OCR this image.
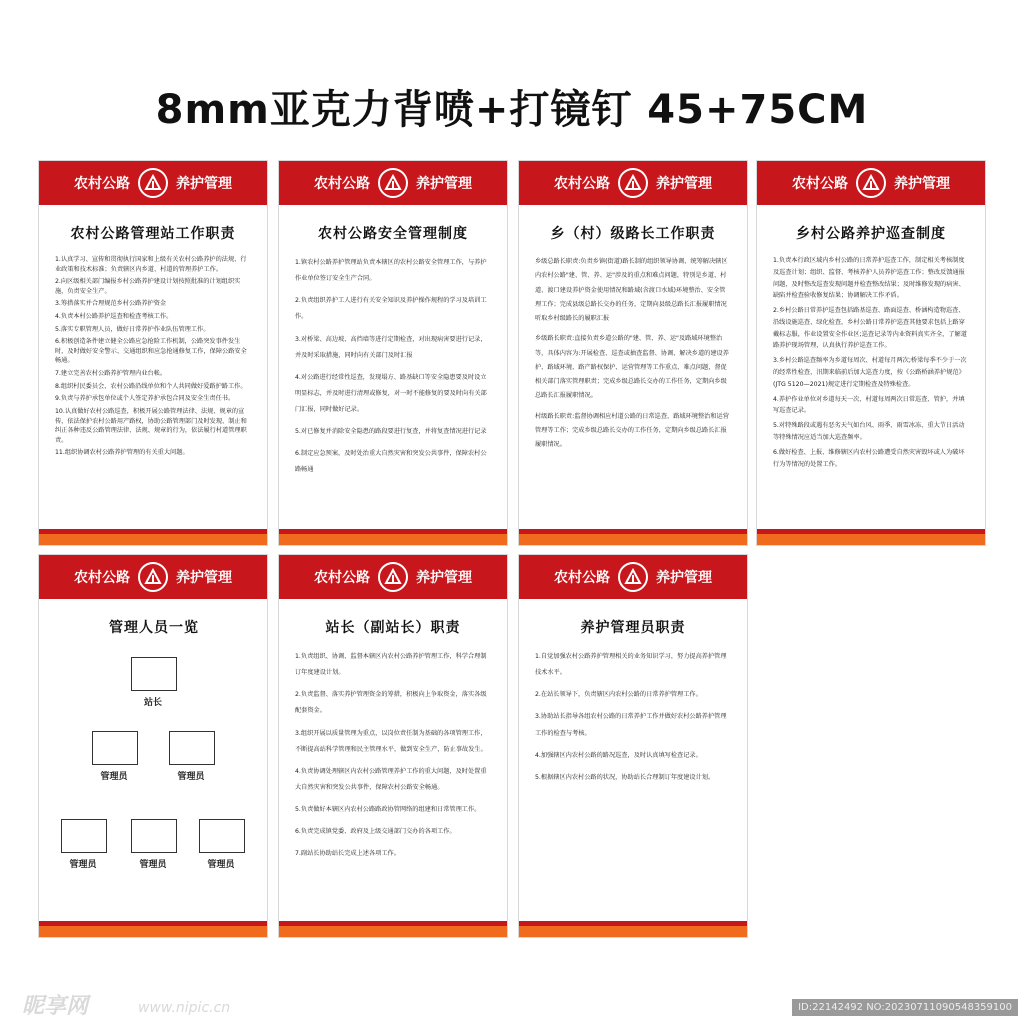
8mm亚克力背喷+打镜钉 45+75CM
农村公路	养护管理
农村公路管理站工作职责

1.认真学习、宣传和贯彻执行国家和上级有关农村公路养护的法规、行业政策和技术标准；负责辖区内乡道、村道的管理养护工作。

2.向区级相关部门编报乡村公路养护建设计划按照批准的计划组织实施，负责安全生产。

3.筹措落实并合理规范乡村公路养护资金

4.负责本村公路养护巡查和检查考核工作。

5.落实专职管理人员，做好日常养护作业队伍管理工作。

6.积极创造条件建立健全公路应急抢险工作机制，公路突发事件发生时，及时做好安全警示、交通组织和应急抢通修复工作，保障公路安全畅通。

7.建立完善农村公路养护管理内业台帐。

8.组织村民委员会、农村公路沿线单位和个人共同做好爱路护路工作。

9.负责与养护承包单位或个人签定养护承包合同及安全生责任书。

10.认真做好农村公路巡查，积极开展公路管理法律、法规、规章的宣传，依法保护农村公路用产路权，协助公路管理部门及时发现、制止和纠正各种违反公路管理法律、法规、规章的行为，依法履行村道管理职责。

11.组织协调农村公路养护管理的有关重大问题。

农村公路	养护管理
农村公路安全管理制度

1.镇农村公路养护管理站负责本辖区的农村公路安全管理工作，与养护作业单位签订安全生产合同。

2.负责组织养护工人进行有关安全知识及养护操作规程的学习及培训工作。

3.对桥梁、高边坡、高挡墙等进行定期检查，对出现病害要进行记录，并及时采取措施，同时向有关部门及时汇报

4.对公路进行经常性巡查，发现塌方、路基缺口等安全隐患要及时设立明显标志，并及时进行清理或修复，对一时不能修复的要及时向有关部门汇报，同时做好记录。

5.对已修复并消除安全隐患的路段要进行复查，并将复查情况进行记录

6.制定应急预案，及时处治重大自然灾害和突发公共事件，保障农村公路畅通

农村公路	养护管理
乡（村）级路长工作职责

乡级总路长职责:负责乡镇(街道)路长制的组织领导协调、统筹解决辖区内农村公路"建、管、养、运"涉及的重点和难点问题，特别是乡道、村道、渡口建设养护资金使用情况和路域(含渡口水域)环境整治、安全管理工作；完成县级总路长交办的任务，定期向县级总路长汇报履职情况听取乡村级路长的履职汇报

乡级路长职责:直接负责乡道公路的"建、管、养、运"及路域环境整治等，具体内容为:开展检查、巡查或抽查监督、协调、解决乡道的建设养护、路域环境、路产路权保护、运营管理等工作重点、难点问题，督促相关部门落实管理职责；完成乡级总路长交办的工作任务，定期向乡级总路长汇报履职情况。

村级路长职责:监督协调相应村道公路的日常巡查、路域环境整治和运营管理等工作；完成乡级总路长交办的工作任务，定期向乡级总路长汇报履职情况。

农村公路	养护管理
乡村公路养护巡查制度

1.负责本行政区域内乡村公路的日常养护巡查工作，制定相关考核制度及巡查计划；组织、监督、考核养护人员养护巡查工作；整改反馈通报问题，及时整改巡查发现问题并检查整改结果；及时维修发现的病害、缺陷并检查验收修复结果；协调解决工作矛盾。

2.乡村公路日常养护巡查包括路基巡查、路面巡查、桥涵构造物巡查、沿线设施巡查、绿化检查，乡村公路日常养护巡查其他要求包括上路穿戴标志服，作业设置安全作业区;巡查记录等内业资料真实齐全，了解道路养护现场管理，认真执行养护巡查工作。

3.乡村公路巡查频率为乡道每周次、村道每月两次;桥梁每季不少于一次的经常性检查，汛期来临前后加大巡查力度，按《公路桥涵养护规范》(JTG 5120—2021)规定进行定期检查及特殊检查。

4.养护作业单位对乡道每天一次、村道每周两次日常巡查、管护，并填写巡查记录。

5.对特殊路段或遇有恶劣天气如台风、雨季、雨雪冰冻、重大节日活动等特殊情况应适当加大巡查频率。

6.做好检查、上报、维修辖区内农村公路遭受自然灾害毁坏或人为破坏行为等情况的处置工作。

农村公路	养护管理
管理人员一览
站长
管理员	管理员
管理员	管理员	管理员
农村公路	养护管理
站长（副站长）职责

1.负责组织、协调、监督本辖区内农村公路养护管理工作，科学合理制订年度建设计划。

2.负责监督、落实养护管理资金的筹措，积极向上争取资金，落实各级配套资金。

3.组织开展以质量管理为重点，以岗位责任制为基础的各项管理工作，不断提高站科学管理和民主管理水平，做到安全生产，防止事故发生。

4.负责协调处理辖区内农村公路管理养护工作的重大问题，及时处置重大自然灾害和突发公共事件，保障农村公路安全畅通。

5.负责做好本辖区内农村公路路政协管网络的组建和日常管理工作。

6.负责完成镇党委、政府及上级交通部门交办的各项工作。

7.副站长协助站长完成上述各项工作。

农村公路	养护管理
养护管理员职责

1.自觉加强农村公路养护管理相关的业务知识学习，努力提高养护管理技术水平。

2.在站长领导下，负责辖区内农村公路的日常养护管理工作。

3.协助站长指导各组农村公路的日常养护工作并做好农村公路养护管理工作的检查与考核。

4.加强辖区内农村公路的路况巡查，及时认真填写检查记录。

5.根据辖区内农村公路的状况，协助站长合理制订年度建设计划。

昵享网	www.nipic.cn	ID:22142492 NO:20230711090548359100
